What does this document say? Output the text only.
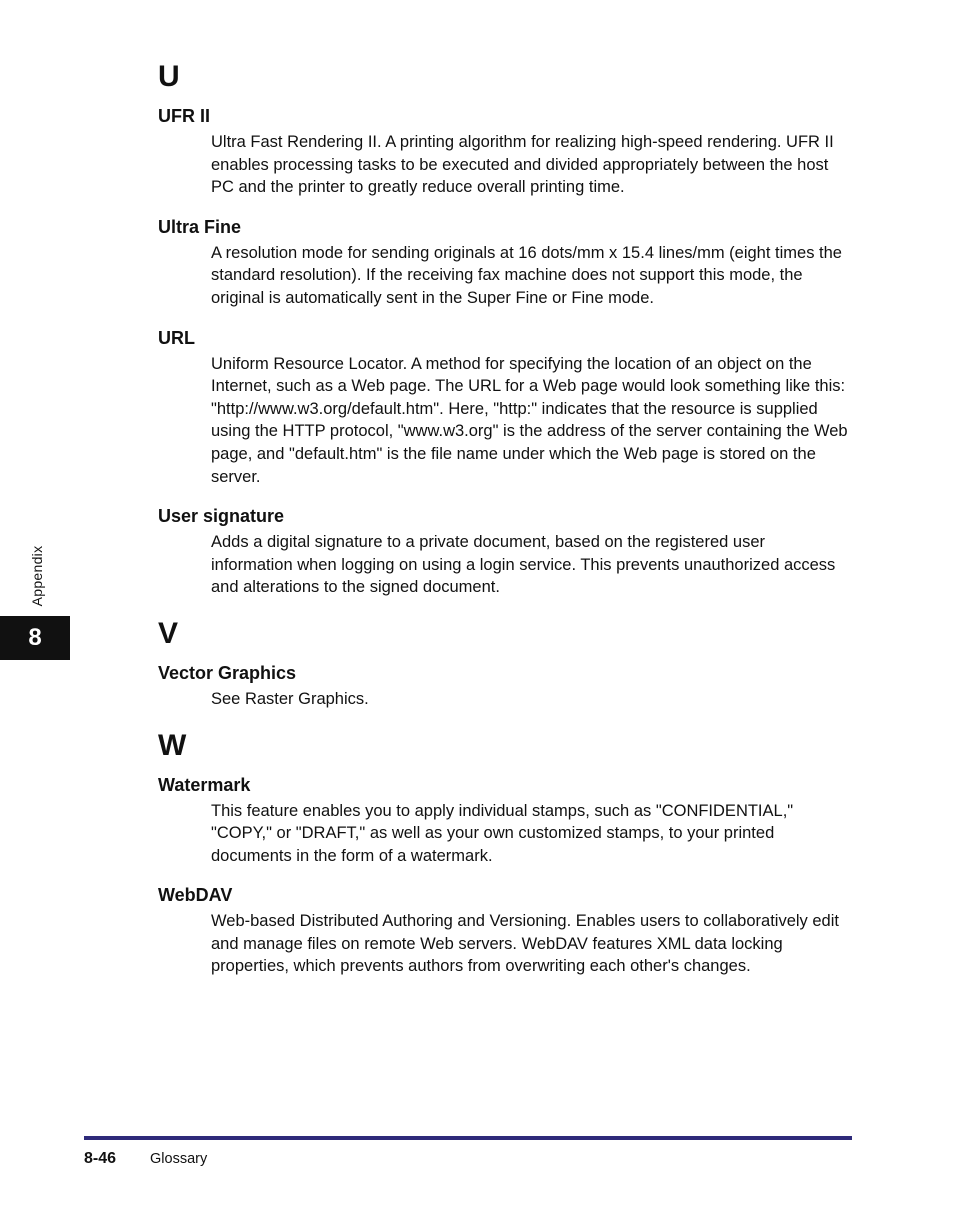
U
UFR II
Ultra Fast Rendering II. A printing algorithm for realizing high-speed rendering. UFR II enables processing tasks to be executed and divided appropriately between the host PC and the printer to greatly reduce overall printing time.
Ultra Fine
A resolution mode for sending originals at 16 dots/mm x 15.4 lines/mm (eight times the standard resolution). If the receiving fax machine does not support this mode, the original is automatically sent in the Super Fine or Fine mode.
URL
Uniform Resource Locator. A method for specifying the location of an object on the Internet, such as a Web page. The URL for a Web page would look something like this: "http://www.w3.org/default.htm". Here, "http:" indicates that the resource is supplied using the HTTP protocol, "www.w3.org" is the address of the server containing the Web page, and "default.htm" is the file name under which the Web page is stored on the server.
User signature
Adds a digital signature to a private document, based on the registered user information when logging on using a login service. This prevents unauthorized access and alterations to the signed document.
V
Vector Graphics
See Raster Graphics.
W
Watermark
This feature enables you to apply individual stamps, such as "CONFIDENTIAL," "COPY," or "DRAFT," as well as your own customized stamps, to your printed documents in the form of a watermark.
WebDAV
Web-based Distributed Authoring and Versioning. Enables users to collaboratively edit and manage files on remote Web servers. WebDAV features XML data locking properties, which prevents authors from overwriting each other's changes.
Appendix
8
8-46 Glossary
